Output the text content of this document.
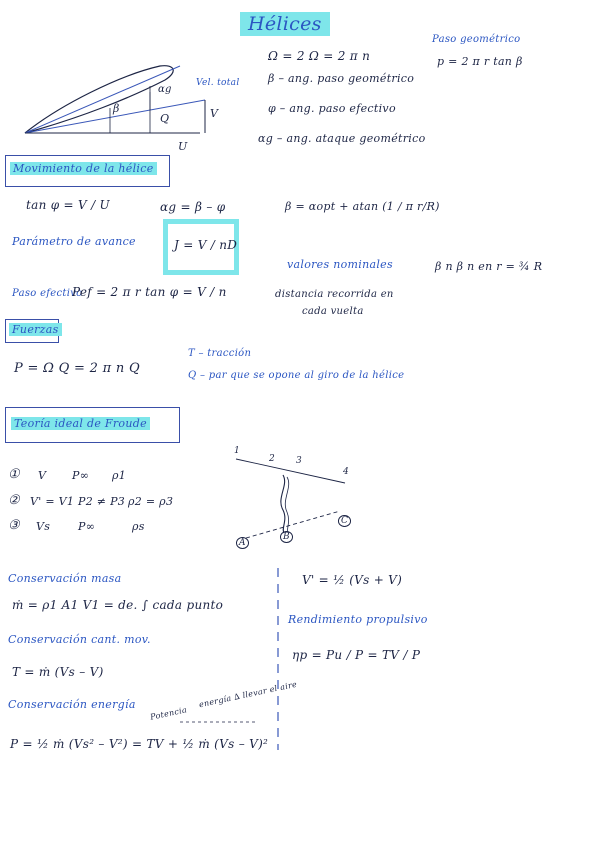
Hélices
αg
β
Q	V
U
Vel. total
Ω = 2 Ω = 2 π n
β – ang. paso geométrico
φ – ang. paso efectivo
αg – ang. ataque geométrico
Paso geométrico
p = 2 π r tan β
Movimiento de la hélice
tan φ = V / U	αg = β – φ	β = αopt + atan (1 / π r/R)
Parámetro de avance	J = V / nD
valores nominales	β n β n en r = ¾ R
Paso efectivo
Pef = 2 π r tan φ = V / n	distancia recorrida en
cada vuelta
Fuerzas
P = Ω Q = 2 π n Q
T – tracción
Q – par que se opone al giro de la hélice
Teoría ideal de Froude
① V P∞ ρ1
② V' = V1 P2 ≠ P3 ρ2 = ρ3
③ Vs	P∞	ρs
1
2 3
4
A
B
C
Conservación masa
ṁ = ρ1 A1 V1 = de. ∫ cada punto
Conservación cant. mov.
T = ṁ (Vs – V)
Conservación energía
Potencia
energía ∆ llevar el aire
P = ½ ṁ (Vs² – V²) = TV + ½ ṁ (Vs – V)²
V' = ½ (Vs + V)
Rendimiento propulsivo
ηp = Pu / P = TV / P
